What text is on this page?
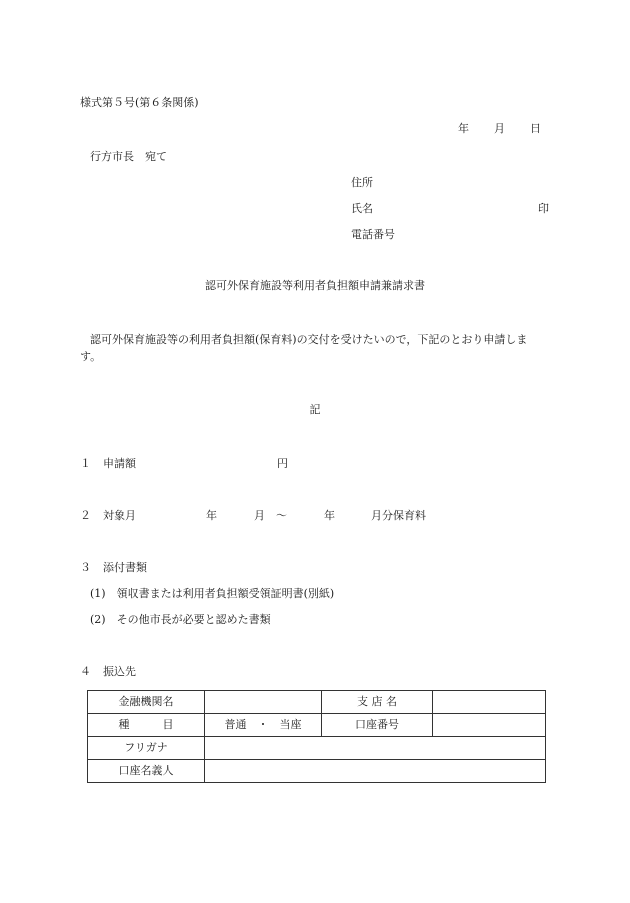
様式第５号(第６条関係)
年 月 日
行方市長　宛て
住所
氏名	印
電話番号
認可外保育施設等利用者負担額申請兼請求書
認可外保育施設等の利用者負担額(保育料)の交付を受けたいので，下記のとおり申請しま
す。
記
１ 申請額	円
２ 対象月	年	月 ～	年	月分保育料
３ 添付書類
(1)　領収書または利用者負担額受領証明書(別紙)
(2)　その他市長が必要と認めた書類
４ 振込先
金融機関名		支 店 名	
種　　　目	普通　・　当座	口座番号	
フリガナ			
口座名義人			
